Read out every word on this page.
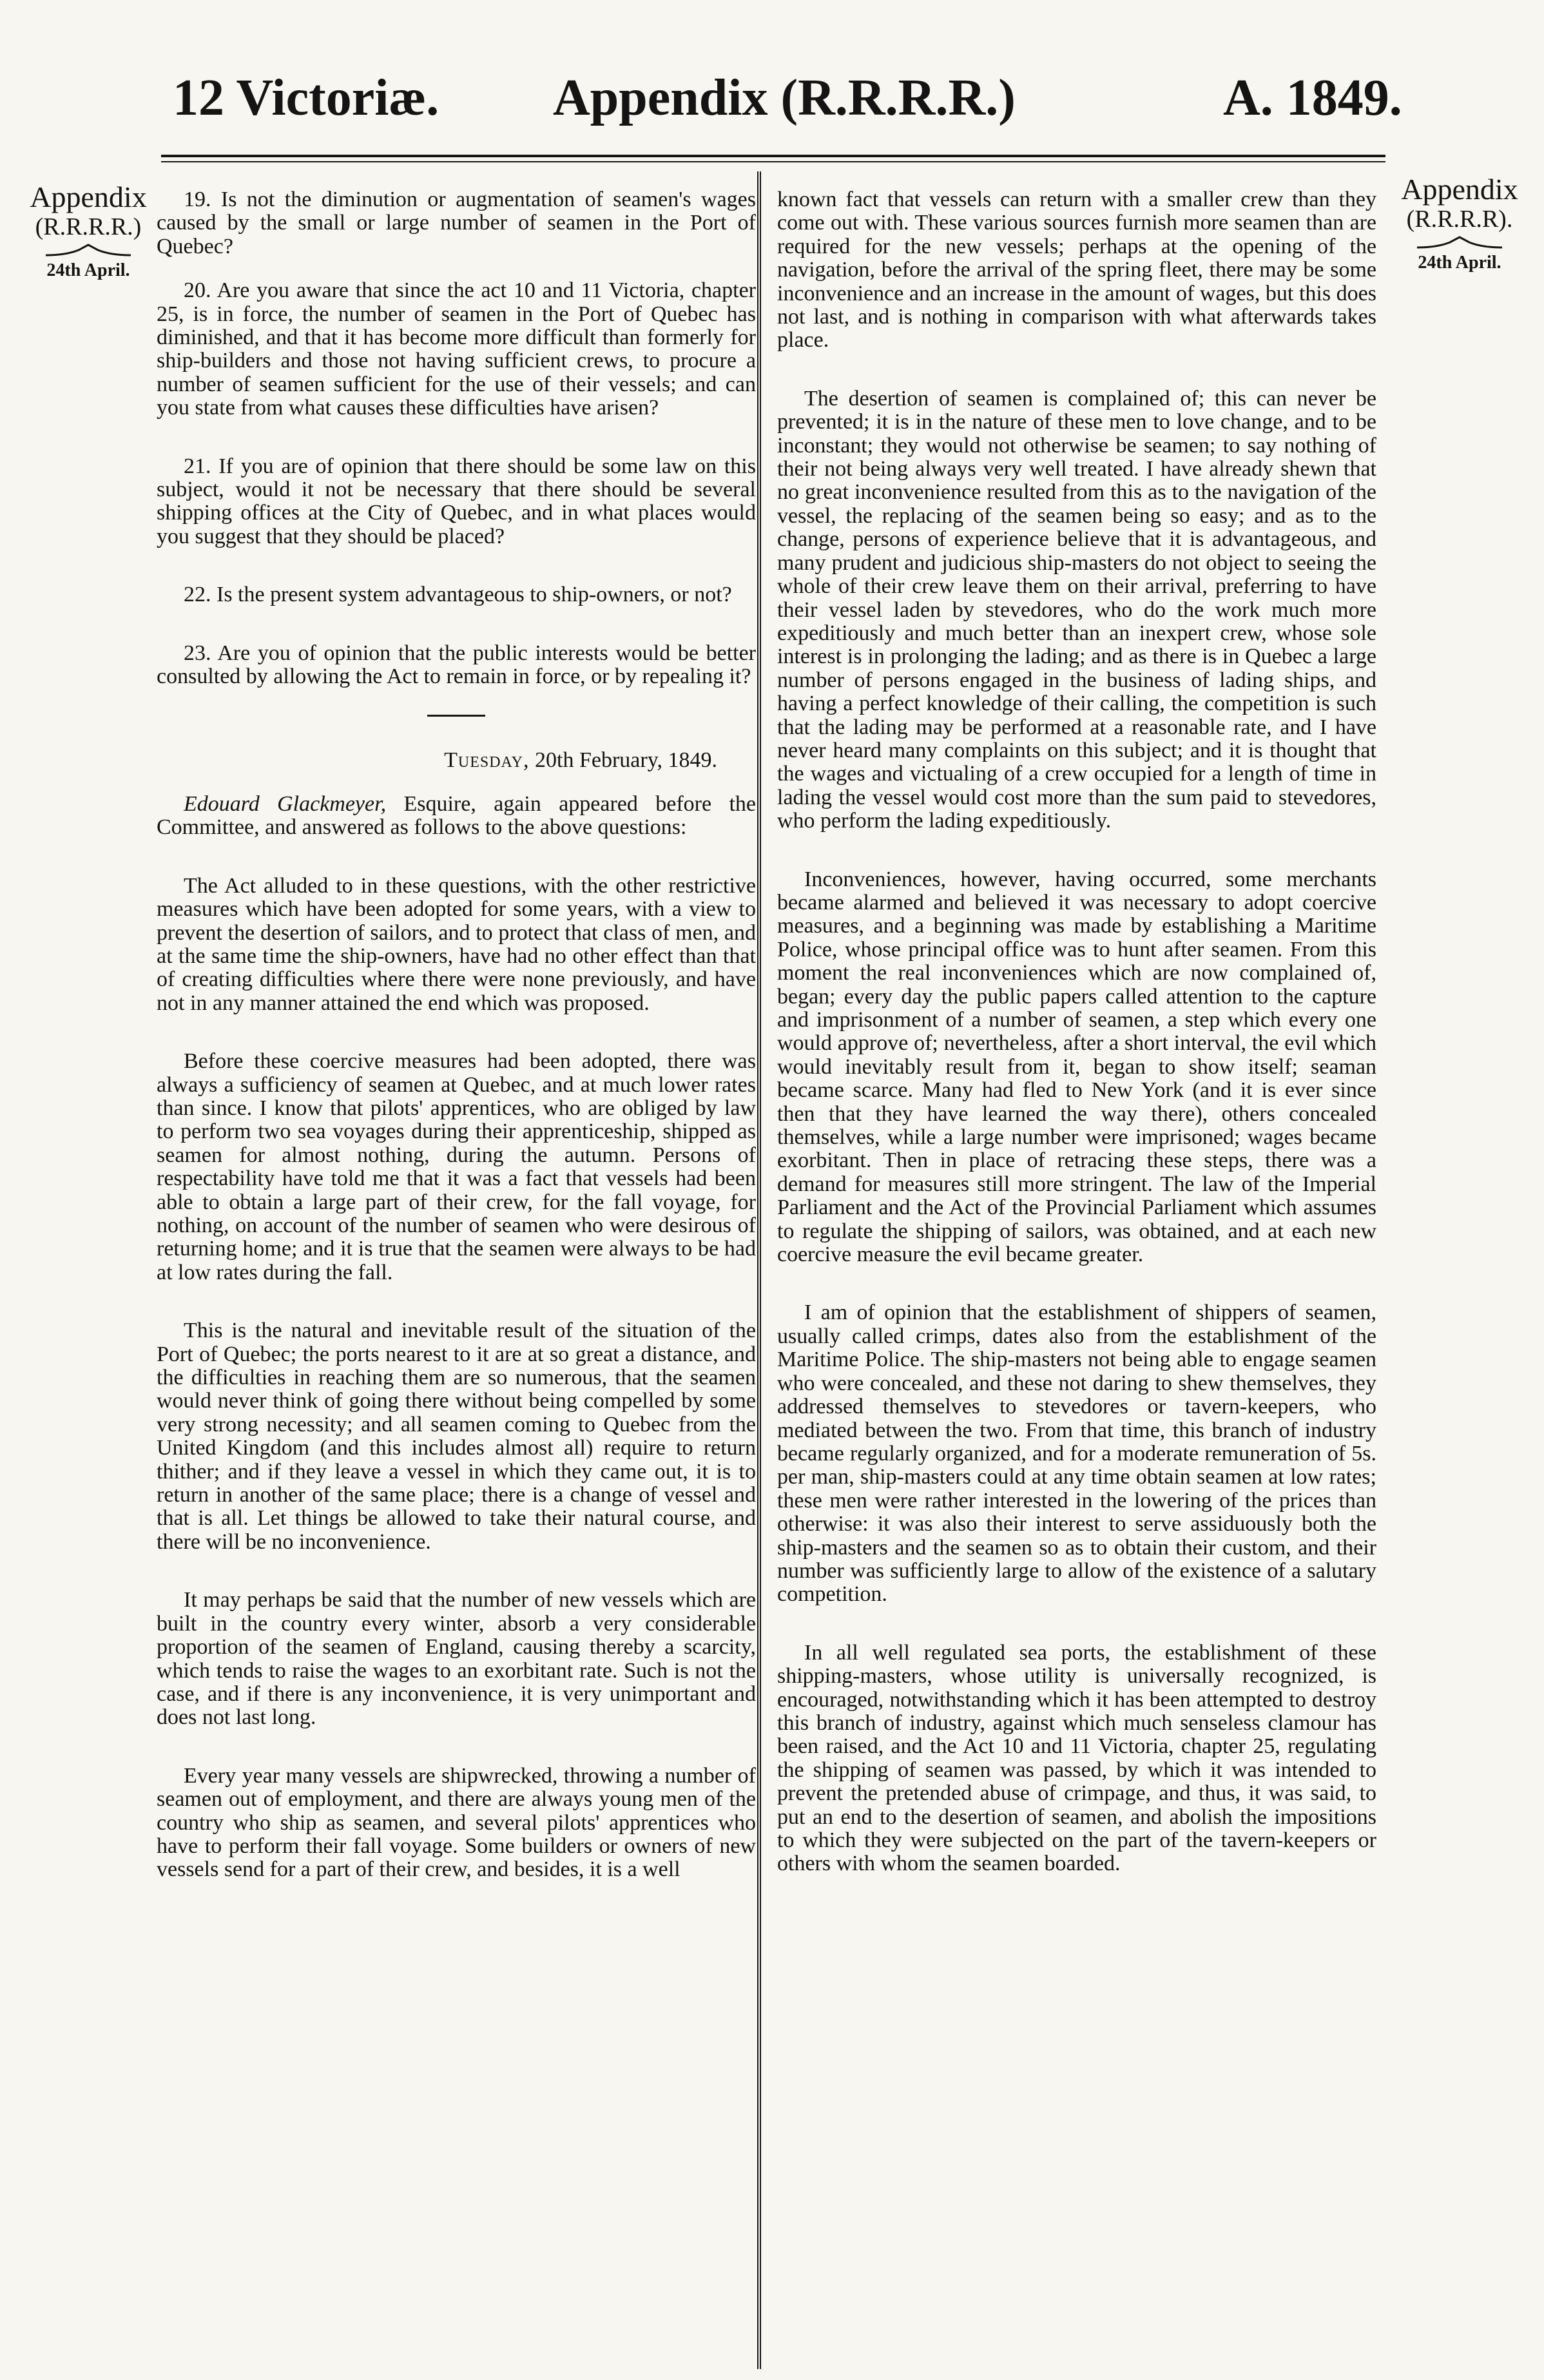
12 Victoriæ. Appendix (R.R.R.R.)	A. 1849.
Appendix
(R.R.R.R.)
24th April.
Appendix
(R.R.R.R).
24th April.

19. Is not the diminution or augmentation of seamen's wages caused by the small or large number of seamen in the Port of Quebec?

20. Are you aware that since the act 10 and 11 Victoria, chapter 25, is in force, the number of seamen in the Port of Quebec has diminished, and that it has become more difficult than formerly for ship-builders and those not having sufficient crews, to procure a number of seamen sufficient for the use of their vessels; and can you state from what causes these difficulties have arisen?

21. If you are of opinion that there should be some law on this subject, would it not be necessary that there should be several shipping offices at the City of Quebec, and in what places would you suggest that they should be placed?

22. Is the present system advantageous to ship-owners, or not?

23. Are you of opinion that the public interests would be better consulted by allowing the Act to remain in force, or by repealing it?

Tuesday, 20th February, 1849.

Edouard Glackmeyer, Esquire, again appeared before the Committee, and answered as follows to the above questions:

The Act alluded to in these questions, with the other restrictive measures which have been adopted for some years, with a view to prevent the desertion of sailors, and to protect that class of men, and at the same time the ship-owners, have had no other effect than that of creating difficulties where there were none previously, and have not in any manner attained the end which was proposed.

Before these coercive measures had been adopted, there was always a sufficiency of seamen at Quebec, and at much lower rates than since. I know that pilots' apprentices, who are obliged by law to perform two sea voyages during their apprenticeship, shipped as seamen for almost nothing, during the autumn. Persons of respectability have told me that it was a fact that vessels had been able to obtain a large part of their crew, for the fall voyage, for nothing, on account of the number of seamen who were desirous of returning home; and it is true that the seamen were always to be had at low rates during the fall.

This is the natural and inevitable result of the situation of the Port of Quebec; the ports nearest to it are at so great a distance, and the difficulties in reaching them are so numerous, that the seamen would never think of going there without being compelled by some very strong necessity; and all seamen coming to Quebec from the United Kingdom (and this includes almost all) require to return thither; and if they leave a vessel in which they came out, it is to return in another of the same place; there is a change of vessel and that is all. Let things be allowed to take their natural course, and there will be no inconvenience.

It may perhaps be said that the number of new vessels which are built in the country every winter, absorb a very considerable proportion of the seamen of England, causing thereby a scarcity, which tends to raise the wages to an exorbitant rate. Such is not the case, and if there is any inconvenience, it is very unimportant and does not last long.

Every year many vessels are shipwrecked, throwing a number of seamen out of employment, and there are always young men of the country who ship as seamen, and several pilots' apprentices who have to perform their fall voyage. Some builders or owners of new vessels send for a part of their crew, and besides, it is a well

known fact that vessels can return with a smaller crew than they come out with. These various sources furnish more seamen than are required for the new vessels; perhaps at the opening of the navigation, before the arrival of the spring fleet, there may be some inconvenience and an increase in the amount of wages, but this does not last, and is nothing in comparison with what afterwards takes place.

The desertion of seamen is complained of; this can never be prevented; it is in the nature of these men to love change, and to be inconstant; they would not otherwise be seamen; to say nothing of their not being always very well treated. I have already shewn that no great inconvenience resulted from this as to the navigation of the vessel, the replacing of the seamen being so easy; and as to the change, persons of experience believe that it is advantageous, and many prudent and judicious ship-masters do not object to seeing the whole of their crew leave them on their arrival, preferring to have their vessel laden by stevedores, who do the work much more expeditiously and much better than an inexpert crew, whose sole interest is in prolonging the lading; and as there is in Quebec a large number of persons engaged in the business of lading ships, and having a perfect knowledge of their calling, the competition is such that the lading may be performed at a reasonable rate, and I have never heard many complaints on this subject; and it is thought that the wages and victualing of a crew occupied for a length of time in lading the vessel would cost more than the sum paid to stevedores, who perform the lading expeditiously.

Inconveniences, however, having occurred, some merchants became alarmed and believed it was necessary to adopt coercive measures, and a beginning was made by establishing a Maritime Police, whose principal office was to hunt after seamen. From this moment the real inconveniences which are now complained of, began; every day the public papers called attention to the capture and imprisonment of a number of seamen, a step which every one would approve of; nevertheless, after a short interval, the evil which would inevitably result from it, began to show itself; seaman became scarce. Many had fled to New York (and it is ever since then that they have learned the way there), others concealed themselves, while a large number were imprisoned; wages became exorbitant. Then in place of retracing these steps, there was a demand for measures still more stringent. The law of the Imperial Parliament and the Act of the Provincial Parliament which assumes to regulate the shipping of sailors, was obtained, and at each new coercive measure the evil became greater.

I am of opinion that the establishment of shippers of seamen, usually called crimps, dates also from the establishment of the Maritime Police. The ship-masters not being able to engage seamen who were concealed, and these not daring to shew themselves, they addressed themselves to stevedores or tavern-keepers, who mediated between the two. From that time, this branch of industry became regularly organized, and for a moderate remuneration of 5s. per man, ship-masters could at any time obtain seamen at low rates; these men were rather interested in the lowering of the prices than otherwise: it was also their interest to serve assiduously both the ship-masters and the seamen so as to obtain their custom, and their number was sufficiently large to allow of the existence of a salutary competition.

In all well regulated sea ports, the establishment of these shipping-masters, whose utility is universally recognized, is encouraged, notwithstanding which it has been attempted to destroy this branch of industry, against which much senseless clamour has been raised, and the Act 10 and 11 Victoria, chapter 25, regulating the shipping of seamen was passed, by which it was intended to prevent the pretended abuse of crimpage, and thus, it was said, to put an end to the desertion of seamen, and abolish the impositions to which they were subjected on the part of the tavern-keepers or others with whom the seamen boarded.
